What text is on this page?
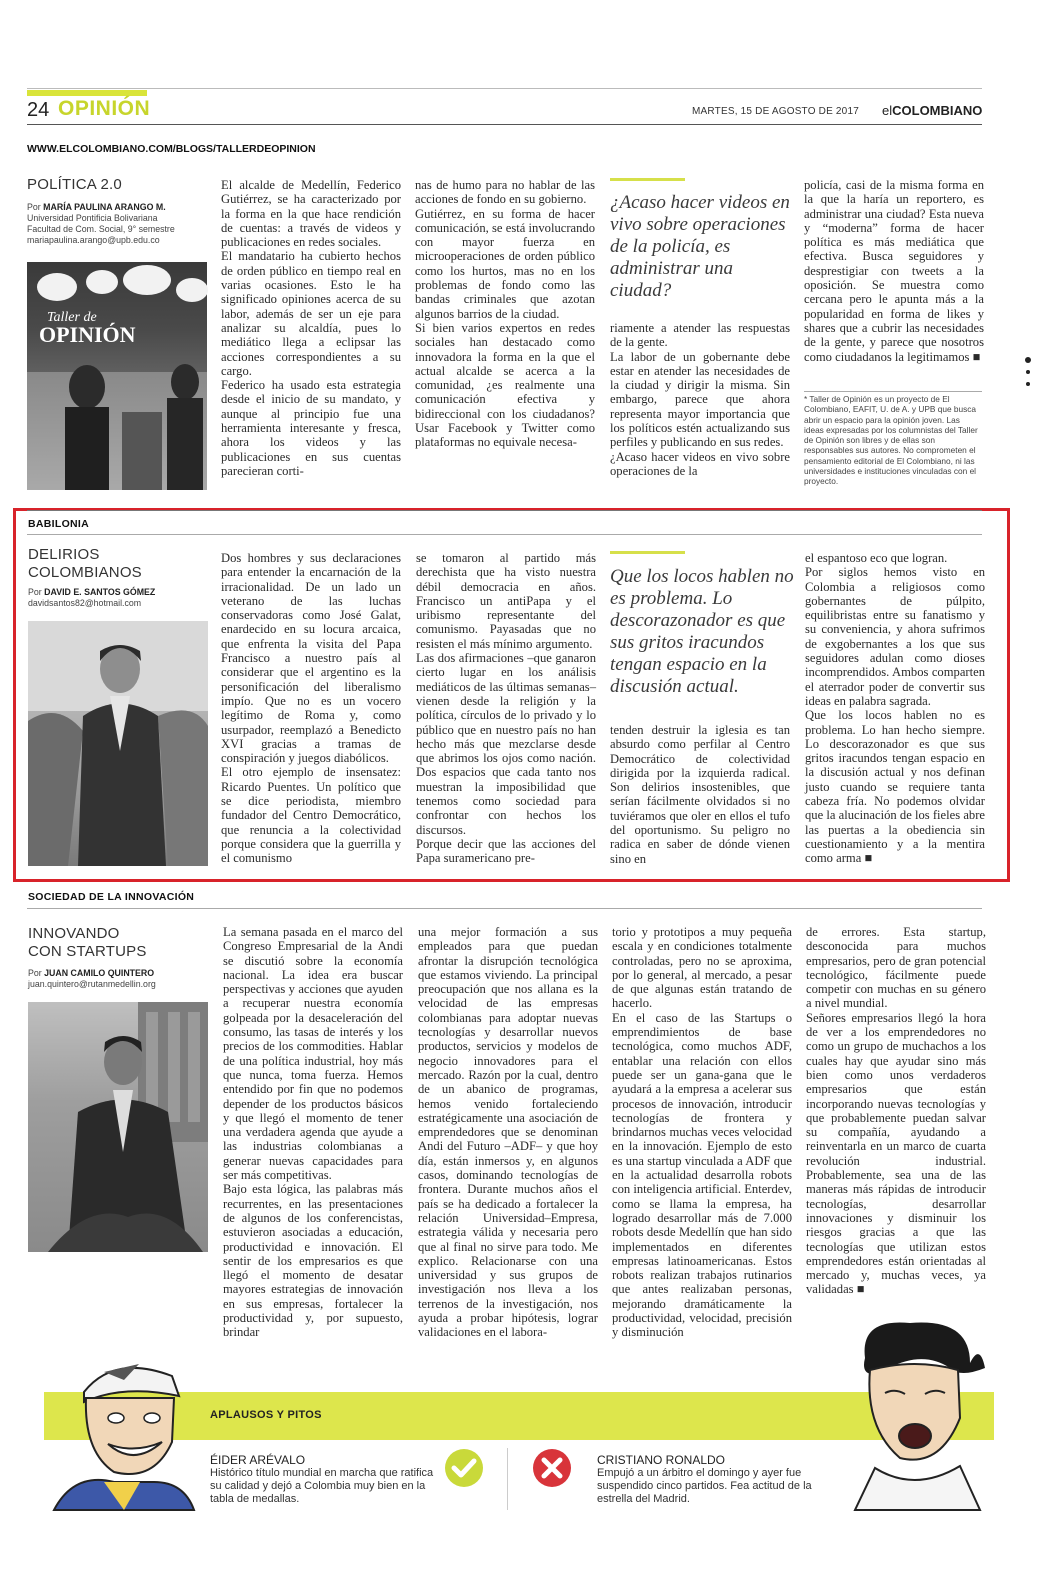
24 OPINIÓN	MARTES, 15 DE AGOSTO DE 2017 elCOLOMBIANO
WWW.ELCOLOMBIANO.COM/BLOGS/TALLERDEOPINION
POLÍTICA 2.0
Por MARÍA PAULINA ARANGO M.
Universidad Pontificia Bolivariana
Facultad de Com. Social, 9° semestre
mariapaulina.arango@upb.edu.co
Taller de
OPINIÓN
El alcalde de Medellín, Federico Gutiérrez, se ha caracterizado por la forma en la que hace rendición de cuentas: a través de videos y publicaciones en redes sociales.
El mandatario ha cubierto hechos de orden público en tiempo real en varias ocasiones. Esto le ha significado opiniones acerca de su labor, además de ser un eje para analizar su alcaldía, pues lo mediático llega a eclipsar las acciones correspondientes a su cargo.
Federico ha usado esta estrategia desde el inicio de su mandato, y aunque al principio fue una herramienta interesante y fresca, ahora los videos y las publicaciones en sus cuentas parecieran corti-
nas de humo para no hablar de las acciones de fondo en su gobierno.
Gutiérrez, en su forma de hacer comunicación, se está involucrando con mayor fuerza en microoperaciones de orden público como los hurtos, mas no en los problemas de fondo como las bandas criminales que azotan algunos barrios de la ciudad.
Si bien varios expertos en redes sociales han destacado como innovadora la forma en la que el actual alcalde se acerca a la comunidad, ¿es realmente una comunicación efectiva y bidireccional con los ciudadanos? Usar Facebook y Twitter como plataformas no equivale necesa-
¿Acaso hacer videos en vivo sobre operaciones de la policía, es administrar una ciudad?
riamente a atender las respuestas de la gente.
La labor de un gobernante debe estar en atender las necesidades de la ciudad y dirigir la misma. Sin embargo, parece que ahora representa mayor importancia que los políticos estén actualizando sus perfiles y publicando en sus redes.
¿Acaso hacer videos en vivo sobre operaciones de la
policía, casi de la misma forma en la que la haría un reportero, es administrar una ciudad? Esta nueva y “moderna” forma de hacer política es más mediática que efectiva. Busca seguidores y desprestigiar con tweets a la oposición. Se muestra como cercana pero le apunta más a la popularidad en forma de likes y shares que a cubrir las necesidades de la gente, y parece que nosotros como ciudadanos la legitimamos ■
* Taller de Opinión es un proyecto de El Colombiano, EAFIT, U. de A. y UPB que busca abrir un espacio para la opinión joven. Las ideas expresadas por los columnistas del Taller de Opinión son libres y de ellas son responsables sus autores. No comprometen el pensamiento editorial de El Colombiano, ni las universidades e instituciones vinculadas con el proyecto.
BABILONIA
DELIRIOS
COLOMBIANOS
Por DAVID E. SANTOS GÓMEZ
davidsantos82@hotmail.com
Dos hombres y sus declaraciones para entender la encarnación de la irracionalidad. De un lado un veterano de las luchas conservadoras como José Galat, enardecido en su locura arcaica, que enfrenta la visita del Papa Francisco a nuestro país al considerar que el argentino es la personificación del liberalismo impío. Que no es un vocero legítimo de Roma y, como usurpador, reemplazó a Benedicto XVI gracias a tramas de conspiración y juegos diabólicos.
El otro ejemplo de insensatez: Ricardo Puentes. Un político que se dice periodista, miembro fundador del Centro Democrático, que renuncia a la colectividad porque considera que la guerrilla y el comunismo
se tomaron al partido más derechista que ha visto nuestra débil democracia en años. Francisco un antiPapa y el uribismo representante del comunismo. Payasadas que no resisten el más mínimo argumento.
Las dos afirmaciones –que ganaron cierto lugar en los análisis mediáticos de las últimas semanas– vienen desde la religión y la política, círculos de lo privado y lo público que en nuestro país no han hecho más que mezclarse desde que abrimos los ojos como nación. Dos espacios que cada tanto nos muestran la imposibilidad que tenemos como sociedad para confrontar con hechos los discursos.
Porque decir que las acciones del Papa suramericano pre-
Que los locos hablen no es problema. Lo descorazonador es que sus gritos iracundos tengan espacio en la discusión actual.
tenden destruir la iglesia es tan absurdo como perfilar al Centro Democrático de colectividad dirigida por la izquierda radical. Son delirios insostenibles, que serían fácilmente olvidados si no tuviéramos que oler en ellos el tufo del oportunismo. Su peligro no radica en saber de dónde vienen sino en
el espantoso eco que logran.
Por siglos hemos visto en Colombia a religiosos como gobernantes de púlpito, equilibristas entre su fanatismo y su conveniencia, y ahora sufrimos de exgobernantes a los que sus seguidores adulan como dioses incomprendidos. Ambos comparten el aterrador poder de convertir sus ideas en palabra sagrada.
Que los locos hablen no es problema. Lo han hecho siempre. Lo descorazonador es que sus gritos iracundos tengan espacio en la discusión actual y nos definan justo cuando se requiere tanta cabeza fría. No podemos olvidar que la alucinación de los fieles abre las puertas a la obediencia sin cuestionamiento y a la mentira como arma ■
SOCIEDAD DE LA INNOVACIÓN
INNOVANDO
CON STARTUPS
Por JUAN CAMILO QUINTERO
juan.quintero@rutanmedellin.org
La semana pasada en el marco del Congreso Empresarial de la Andi se discutió sobre la economía nacional. La idea era buscar perspectivas y acciones que ayuden a recuperar nuestra economía golpeada por la desaceleración del consumo, las tasas de interés y los precios de los commodities. Hablar de una política industrial, hoy más que nunca, toma fuerza. Hemos entendido por fin que no podemos depender de los productos básicos y que llegó el momento de tener una verdadera agenda que ayude a las industrias colombianas a generar nuevas capacidades para ser más competitivas.
Bajo esta lógica, las palabras más recurrentes, en las presentaciones de algunos de los conferencistas, estuvieron asociadas a educación, productividad e innovación. El sentir de los empresarios es que llegó el momento de desatar mayores estrategias de innovación en sus empresas, fortalecer la productividad y, por supuesto, brindar
una mejor formación a sus empleados para que puedan afrontar la disrupción tecnológica que estamos viviendo. La principal preocupación que nos allana es la velocidad de las empresas colombianas para adoptar nuevas tecnologías y desarrollar nuevos productos, servicios y modelos de negocio innovadores para el mercado. Razón por la cual, dentro de un abanico de programas, hemos venido fortaleciendo estratégicamente una asociación de emprendedores que se denominan Andi del Futuro –ADF– y que hoy día, están inmersos y, en algunos casos, dominando tecnologías de frontera. Durante muchos años el país se ha dedicado a fortalecer la relación Universidad–Empresa, estrategia válida y necesaria pero que al final no sirve para todo. Me explico. Relacionarse con una universidad y sus grupos de investigación nos lleva a los terrenos de la investigación, nos ayuda a probar hipótesis, lograr validaciones en el labora-
torio y prototipos a muy pequeña escala y en condiciones totalmente controladas, pero no se aproxima, por lo general, al mercado, a pesar de que algunas están tratando de hacerlo.
En el caso de las Startups o emprendimientos de base tecnológica, como muchos ADF, entablar una relación con ellos puede ser un gana-gana que le ayudará a la empresa a acelerar sus procesos de innovación, introducir tecnologías de frontera y brindarnos muchas veces velocidad en la innovación. Ejemplo de esto es una startup vinculada a ADF que en la actualidad desarrolla robots con inteligencia artificial. Enterdev, como se llama la empresa, ha logrado desarrollar más de 7.000 robots desde Medellín que han sido implementados en diferentes empresas latinoamericanas. Estos robots realizan trabajos rutinarios que antes realizaban personas, mejorando dramáticamente la productividad, velocidad, precisión y disminución
de errores. Esta startup, desconocida para muchos empresarios, pero de gran potencial tecnológico, fácilmente puede competir con muchas en su género a nivel mundial.
Señores empresarios llegó la hora de ver a los emprendedores no como un grupo de muchachos a los cuales hay que ayudar sino más bien como unos verdaderos empresarios que están incorporando nuevas tecnologías y que probablemente puedan salvar su compañía, ayudando a reinventarla en un marco de cuarta revolución industrial. Probablemente, sea una de las maneras más rápidas de introducir tecnologías, desarrollar innovaciones y disminuir los riesgos gracias a que las tecnologías que utilizan estos emprendedores están orientadas al mercado y, muchas veces, ya validadas ■
APLAUSOS Y PITOS
ÉIDER ARÉVALO
Histórico título mundial en marcha que ratifica su calidad y dejó a Colombia muy bien en la tabla de medallas.
CRISTIANO RONALDO
Empujó a un árbitro el domingo y ayer fue suspendido cinco partidos. Fea actitud de la estrella del Madrid.
